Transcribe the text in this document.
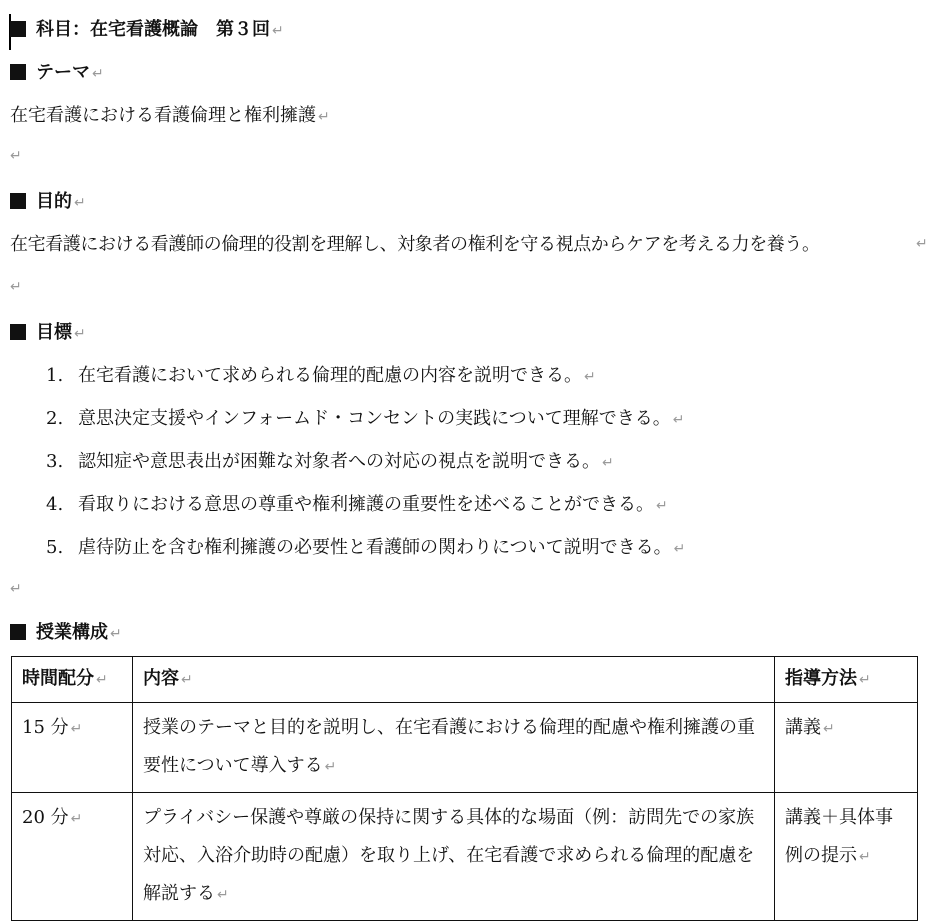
科目：在宅看護概論　第３回 ↵
テーマ ↵
在宅看護における看護倫理と権利擁護 ↵
↵
目的 ↵
在宅看護における看護師の倫理的役割を理解し、対象者の権利を守る視点からケアを考える力を養う。	↵
↵
目標 ↵
1. 在宅看護において求められる倫理的配慮の内容を説明できる。 ↵
2. 意思決定支援やインフォームド・コンセントの実践について理解できる。 ↵
3. 認知症や意思表出が困難な対象者への対応の視点を説明できる。 ↵
4. 看取りにおける意思の尊重や権利擁護の重要性を述べることができる。 ↵
5. 虐待防止を含む権利擁護の必要性と看護師の関わりについて説明できる。 ↵
↵
授業構成 ↵
時間配分 ↵	内容 ↵	指導方法 ↵
15 分 ↵	授業のテーマと目的を説明し、在宅看護における倫理的配慮や権利擁護の重要性について導入する ↵	講義 ↵
20 分 ↵	プライバシー保護や尊厳の保持に関する具体的な場面（例：訪問先での家族対応、入浴介助時の配慮）を取り上げ、在宅看護で求められる倫理的配慮を解説する ↵	講義＋具体事例の提示 ↵
